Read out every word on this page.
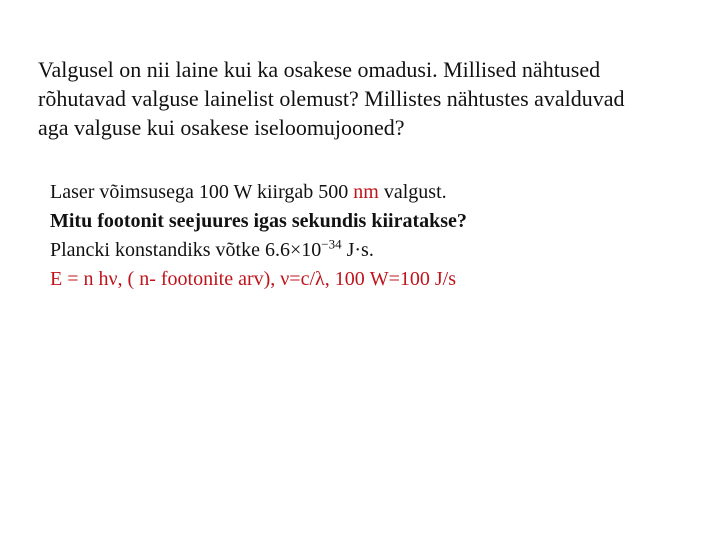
Valgusel on nii laine kui ka osakese omadusi. Millised nähtused
rõhutavad valguse lainelist olemust? Millistes nähtustes avalduvad
aga valguse kui osakese iseloomujooned?
Laser võimsusega 100 W kiirgab 500 nm valgust.
Mitu footonit seejuures igas sekundis kiiratakse?
Plancki konstandiks võtke $6.6\times 10^{-34}$ J·s.
E = n hν, ( n- footonite arv), ν=c/λ, 100 W=100 J/s
